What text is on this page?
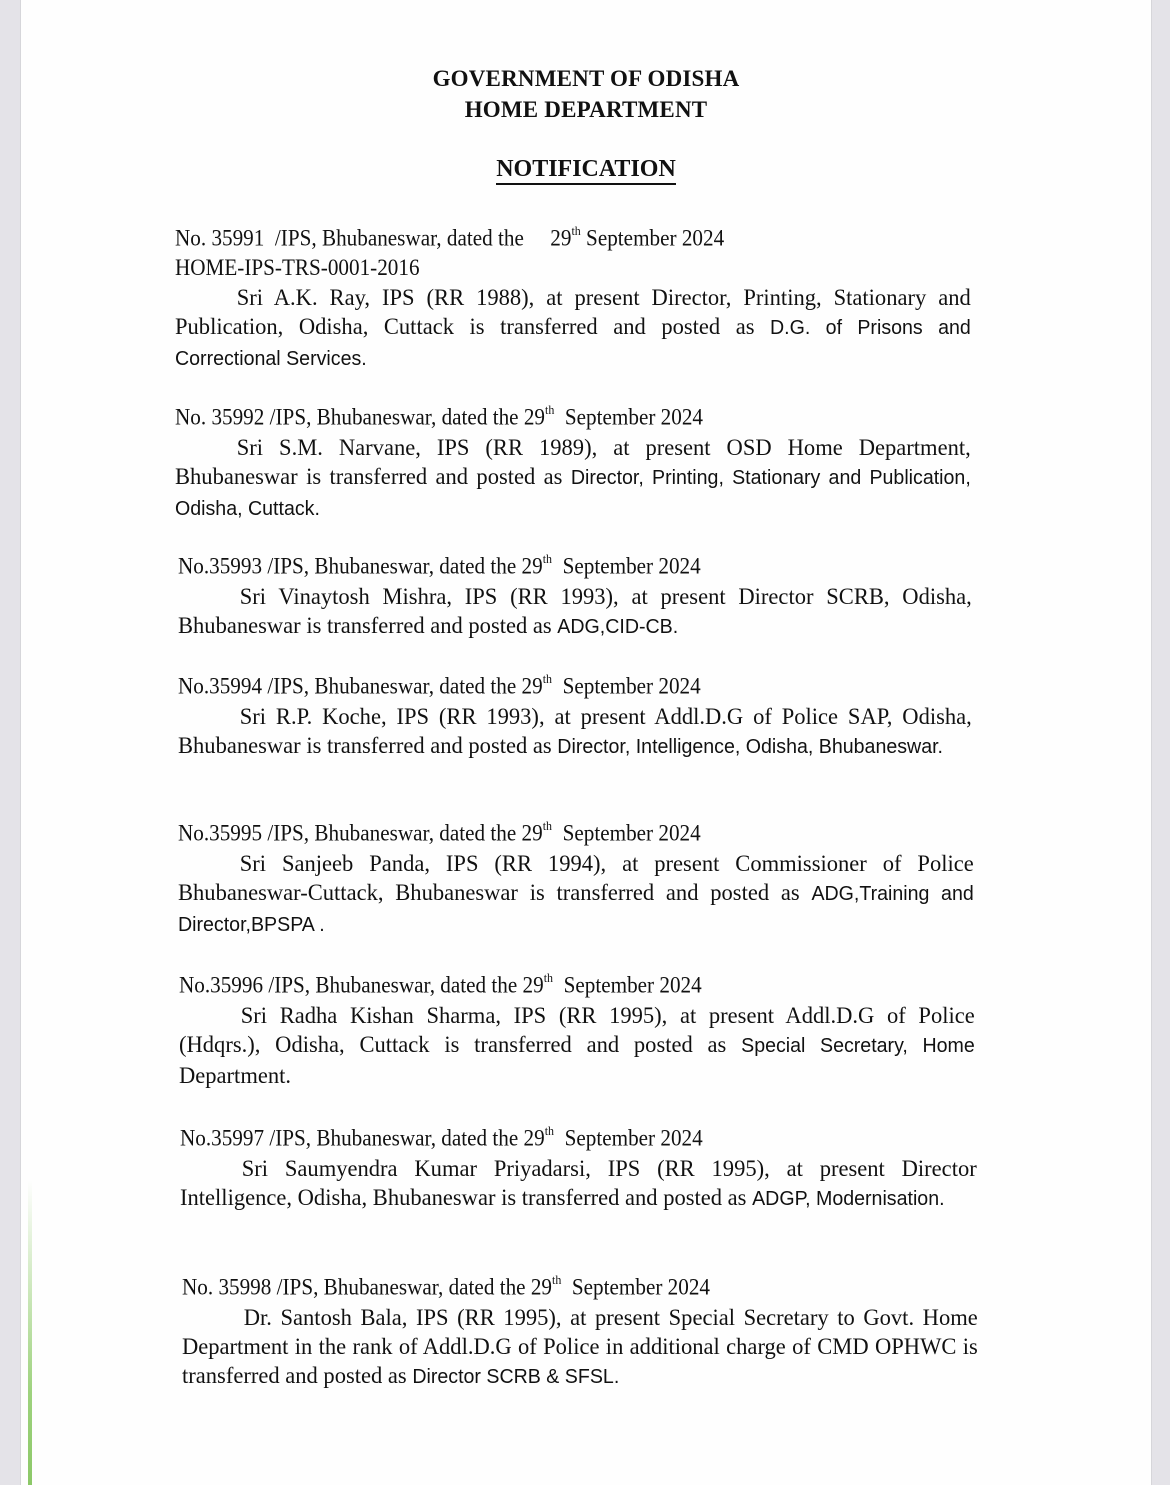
GOVERNMENT OF ODISHA
HOME DEPARTMENT
NOTIFICATION
No. 35991  /IPS, Bhubaneswar, dated the     29th September 2024
HOME-IPS-TRS-0001-2016
Sri A.K. Ray, IPS (RR 1988), at present Director, Printing, Stationary and Publication, Odisha, Cuttack is transferred and posted as D.G. of Prisons and Correctional Services.
No. 35992 /IPS, Bhubaneswar, dated the 29th  September 2024
Sri S.M. Narvane, IPS (RR 1989), at present OSD Home Department, Bhubaneswar is transferred and posted as Director, Printing, Stationary and Publication, Odisha, Cuttack.
No.35993 /IPS, Bhubaneswar, dated the 29th  September 2024
Sri Vinaytosh Mishra, IPS (RR 1993), at present Director SCRB, Odisha, Bhubaneswar is transferred and posted as ADG,CID-CB.
No.35994 /IPS, Bhubaneswar, dated the 29th  September 2024
Sri R.P. Koche, IPS (RR 1993), at present Addl.D.G of Police SAP, Odisha, Bhubaneswar is transferred and posted as Director, Intelligence, Odisha, Bhubaneswar.
No.35995 /IPS, Bhubaneswar, dated the 29th  September 2024
Sri Sanjeeb Panda, IPS (RR 1994), at present Commissioner of Police Bhubaneswar-Cuttack, Bhubaneswar is transferred and posted as ADG,Training and Director,BPSPA .
No.35996 /IPS, Bhubaneswar, dated the 29th  September 2024
Sri Radha Kishan Sharma, IPS (RR 1995), at present Addl.D.G of Police (Hdqrs.), Odisha, Cuttack is transferred and posted as Special Secretary, Home Department.
No.35997 /IPS, Bhubaneswar, dated the 29th  September 2024
Sri Saumyendra Kumar Priyadarsi, IPS (RR 1995), at present Director Intelligence, Odisha, Bhubaneswar is transferred and posted as ADGP, Modernisation.
No. 35998 /IPS, Bhubaneswar, dated the 29th  September 2024
Dr. Santosh Bala, IPS (RR 1995), at present Special Secretary to Govt. Home Department in the rank of Addl.D.G of Police in additional charge of CMD OPHWC is transferred and posted as Director SCRB & SFSL.
